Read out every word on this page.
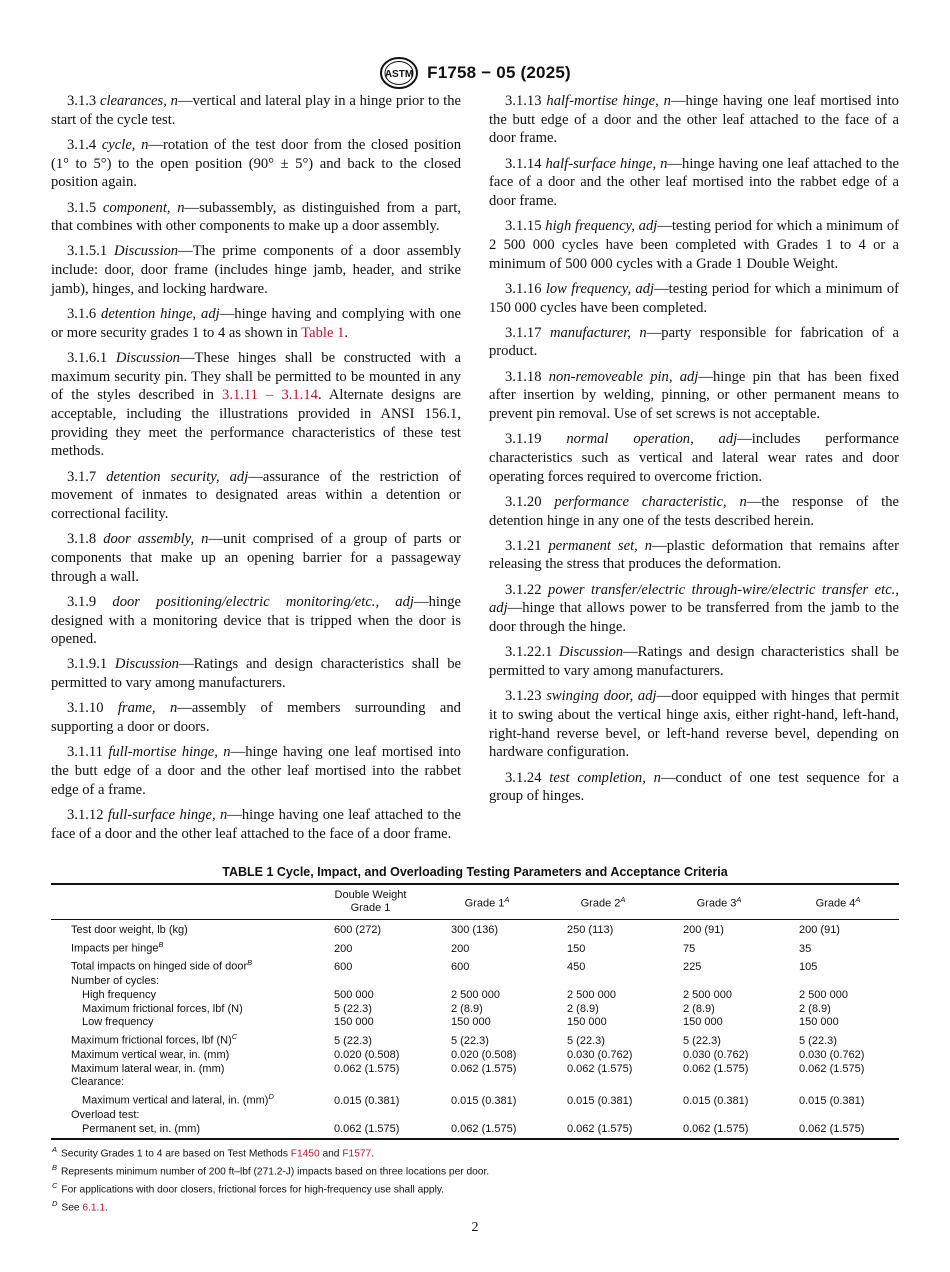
ASTM F1758 − 05 (2025)

3.1.3 clearances, n—vertical and lateral play in a hinge prior to the start of the cycle test.

3.1.4 cycle, n—rotation of the test door from the closed position (1° to 5°) to the open position (90° ± 5°) and back to the closed position again.

3.1.5 component, n—subassembly, as distinguished from a part, that combines with other components to make up a door assembly.

3.1.5.1 Discussion—The prime components of a door assembly include: door, door frame (includes hinge jamb, header, and strike jamb), hinges, and locking hardware.

3.1.6 detention hinge, adj—hinge having and complying with one or more security grades 1 to 4 as shown in Table 1.

3.1.6.1 Discussion—These hinges shall be constructed with a maximum security pin. They shall be permitted to be mounted in any of the styles described in 3.1.11 – 3.1.14. Alternate designs are acceptable, including the illustrations provided in ANSI 156.1, providing they meet the performance characteristics of these test methods.

3.1.7 detention security, adj—assurance of the restriction of movement of inmates to designated areas within a detention or correctional facility.

3.1.8 door assembly, n—unit comprised of a group of parts or components that make up an opening barrier for a passageway through a wall.

3.1.9 door positioning/electric monitoring/etc., adj—hinge designed with a monitoring device that is tripped when the door is opened.

3.1.9.1 Discussion—Ratings and design characteristics shall be permitted to vary among manufacturers.

3.1.10 frame, n—assembly of members surrounding and supporting a door or doors.

3.1.11 full-mortise hinge, n—hinge having one leaf mortised into the butt edge of a door and the other leaf mortised into the rabbet edge of a frame.

3.1.12 full-surface hinge, n—hinge having one leaf attached to the face of a door and the other leaf attached to the face of a door frame.

3.1.13 half-mortise hinge, n—hinge having one leaf mortised into the butt edge of a door and the other leaf attached to the face of a door frame.

3.1.14 half-surface hinge, n—hinge having one leaf attached to the face of a door and the other leaf mortised into the rabbet edge of a door frame.

3.1.15 high frequency, adj—testing period for which a minimum of 2 500 000 cycles have been completed with Grades 1 to 4 or a minimum of 500 000 cycles with a Grade 1 Double Weight.

3.1.16 low frequency, adj—testing period for which a minimum of 150 000 cycles have been completed.

3.1.17 manufacturer, n—party responsible for fabrication of a product.

3.1.18 non-removeable pin, adj—hinge pin that has been fixed after insertion by welding, pinning, or other permanent means to prevent pin removal. Use of set screws is not acceptable.

3.1.19 normal operation, adj—includes performance characteristics such as vertical and lateral wear rates and door operating forces required to overcome friction.

3.1.20 performance characteristic, n—the response of the detention hinge in any one of the tests described herein.

3.1.21 permanent set, n—plastic deformation that remains after releasing the stress that produces the deformation.

3.1.22 power transfer/electric through-wire/electric transfer etc., adj—hinge that allows power to be transferred from the jamb to the door through the hinge.

3.1.22.1 Discussion—Ratings and design characteristics shall be permitted to vary among manufacturers.

3.1.23 swinging door, adj—door equipped with hinges that permit it to swing about the vertical hinge axis, either right-hand, left-hand, right-hand reverse bevel, or left-hand reverse bevel, depending on hardware configuration.

3.1.24 test completion, n—conduct of one test sequence for a group of hinges.

TABLE 1 Cycle, Impact, and Overloading Testing Parameters and Acceptance Criteria
	Double Weight Grade 1	Grade 1$^A$	Grade 2$^A$	Grade 3$^A$	Grade 4$^A$
Test door weight, lb (kg)	600 (272)	300 (136)	250 (113)	200 (91)	200 (91)
Impacts per hinge$^B$	200	200	150	75	35
Total impacts on hinged side of door$^B$	600	600	450	225	105
Number of cycles:					
High frequency	500 000	2 500 000	2 500 000	2 500 000	2 500 000
Maximum frictional forces, lbf (N)	5 (22.3)	2 (8.9)	2 (8.9)	2 (8.9)	2 (8.9)
Low frequency	150 000	150 000	150 000	150 000	150 000
Maximum frictional forces, lbf (N)$^C$	5 (22.3)	5 (22.3)	5 (22.3)	5 (22.3)	5 (22.3)
Maximum vertical wear, in. (mm)	0.020 (0.508)	0.020 (0.508)	0.030 (0.762)	0.030 (0.762)	0.030 (0.762)
Maximum lateral wear, in. (mm)	0.062 (1.575)	0.062 (1.575)	0.062 (1.575)	0.062 (1.575)	0.062 (1.575)
Clearance:					
Maximum vertical and lateral, in. (mm)$^D$	0.015 (0.381)	0.015 (0.381)	0.015 (0.381)	0.015 (0.381)	0.015 (0.381)
Overload test:					
Permanent set, in. (mm)	0.062 (1.575)	0.062 (1.575)	0.062 (1.575)	0.062 (1.575)	0.062 (1.575)
$^A$ Security Grades 1 to 4 are based on Test Methods F1450 and F1577.
$^B$ Represents minimum number of 200 ft–lbf (271.2-J) impacts based on three locations per door.
$^C$ For applications with door closers, frictional forces for high-frequency use shall apply.
$^D$ See 6.1.1.
2
